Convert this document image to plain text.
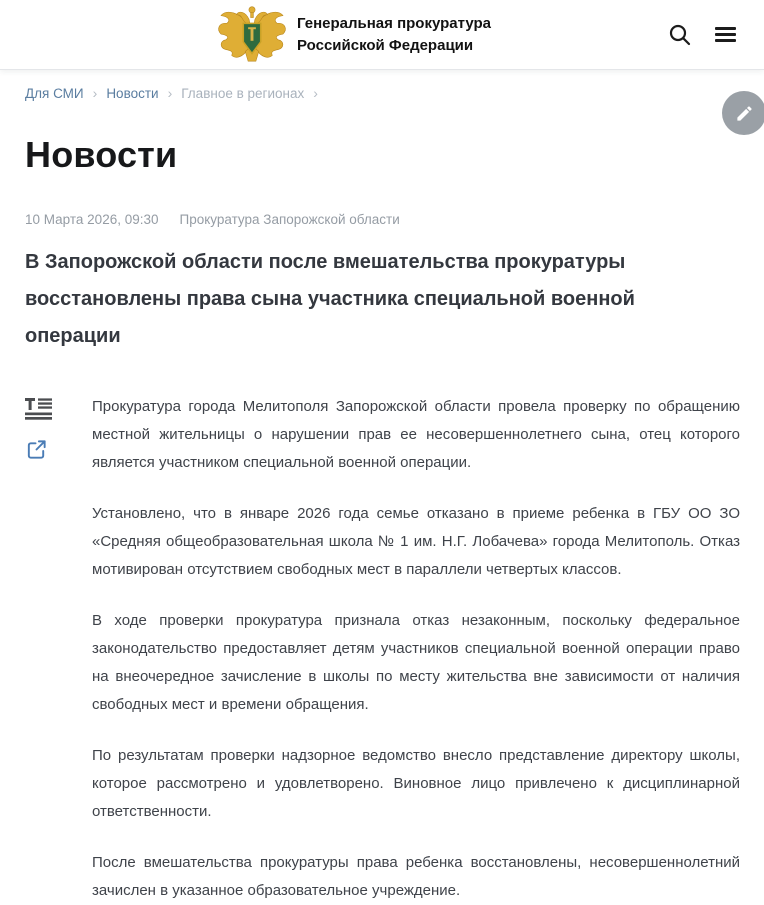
Генеральная прокуратура
Российской Федерации
Для СМИ › Новости › Главное в регионах ›
Новости
10 Марта 2026, 09:30 Прокуратура Запорожской области
В Запорожской области после вмешательства прокуратуры восстановлены права сына участника специальной военной операции

Прокуратура города Мелитополя Запорожской области провела проверку по обращению местной жительницы о нарушении прав ее несовершеннолетнего сына, отец которого является участником специальной военной операции.

Установлено, что в январе 2026 года семье отказано в приеме ребенка в ГБУ ОО ЗО «Средняя общеобразовательная школа № 1 им. Н.Г. Лобачева» города Мелитополь. Отказ мотивирован отсутствием свободных мест в параллели четвертых классов.

В ходе проверки прокуратура признала отказ незаконным, поскольку федеральное законодательство предоставляет детям участников специальной военной операции право на внеочередное зачисление в школы по месту жительства вне зависимости от наличия свободных мест и времени обращения.

По результатам проверки надзорное ведомство внесло представление директору школы, которое рассмотрено и удовлетворено. Виновное лицо привлечено к дисциплинарной ответственности.

После вмешательства прокуратуры права ребенка восстановлены, несовершеннолетний зачислен в указанное образовательное учреждение.
